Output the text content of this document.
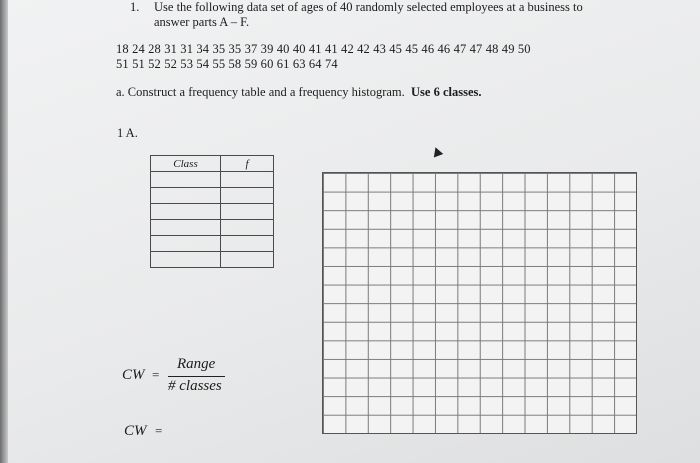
1. Use the following data set of ages of 40 randomly selected employees at a business to
answer parts A – F.
18 24 28 31 31 34 35 35 37 39 40 40 41 41 42 42 43 45 45 46 46 47 47 48 49 50
51 51 52 52 53 54 55 58 59 60 61 63 64 74
a. Construct a frequency table and a frequency histogram. Use 6 classes.
1 A.
Class	f

CW =
Range
# classes
CW =
